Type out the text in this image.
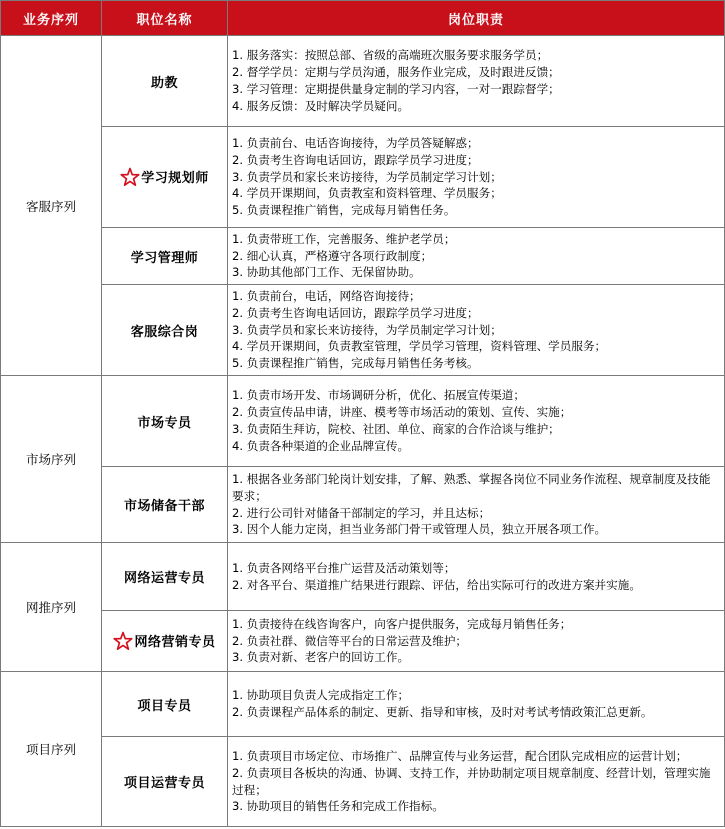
业务序列	职位名称	岗位职责
客服序列	助教	1. 服务落实：按照总部、省级的高端班次服务要求服务学员；
2. 督学学员：定期与学员沟通，服务作业完成，及时跟进反馈；
3. 学习管理：定期提供量身定制的学习内容，一对一跟踪督学；
4. 服务反馈：及时解决学员疑问。

	学习规划师	1. 负责前台、电话咨询接待，为学员答疑解惑；
2. 负责考生咨询电话回访，跟踪学员学习进度；
3. 负责学员和家长来访接待，为学员制定学习计划；
4. 学员开课期间，负责教室和资料管理、学员服务；
5. 负责课程推广销售，完成每月销售任务。

	学习管理师	1. 负责带班工作，完善服务、维护老学员；
2. 细心认真，严格遵守各项行政制度；
3. 协助其他部门工作、无保留协助。

	客服综合岗	1. 负责前台，电话，网络咨询接待；
2. 负责考生咨询电话回访，跟踪学员学习进度；
3. 负责学员和家长来访接待，为学员制定学习计划；
4. 学员开课期间，负责教室管理，学员学习管理，资料管理、学员服务；
5. 负责课程推广销售，完成每月销售任务考核。

市场序列	市场专员	1. 负责市场开发、市场调研分析，优化、拓展宣传渠道；
2. 负责宣传品申请，讲座、模考等市场活动的策划、宣传、实施；
3. 负责陌生拜访，院校、社团、单位、商家的合作洽谈与维护；
4. 负责各种渠道的企业品牌宣传。

	市场储备干部	1. 根据各业务部门轮岗计划安排，了解、熟悉、掌握各岗位不同业务作流程、规章制度及技能要求；
2. 进行公司针对储备干部制定的学习，并且达标；
3. 因个人能力定岗，担当业务部门骨干或管理人员，独立开展各项工作。

网推序列	网络运营专员	1. 负责各网络平台推广运营及活动策划等；
2. 对各平台、渠道推广结果进行跟踪、评估，给出实际可行的改进方案并实施。

	网络营销专员	1. 负责接待在线咨询客户，向客户提供服务，完成每月销售任务；
2. 负责社群、微信等平台的日常运营及维护；
3. 负责对新、老客户的回访工作。

项目序列	项目专员	1. 协助项目负责人完成指定工作；
2. 负责课程产品体系的制定、更新、指导和审核，及时对考试考情政策汇总更新。

	项目运营专员	1. 负责项目市场定位、市场推广、品牌宣传与业务运营，配合团队完成相应的运营计划；
2. 负责项目各板块的沟通、协调、支持工作，并协助制定项目规章制度、经营计划，管理实施过程；
3. 协助项目的销售任务和完成工作指标。
